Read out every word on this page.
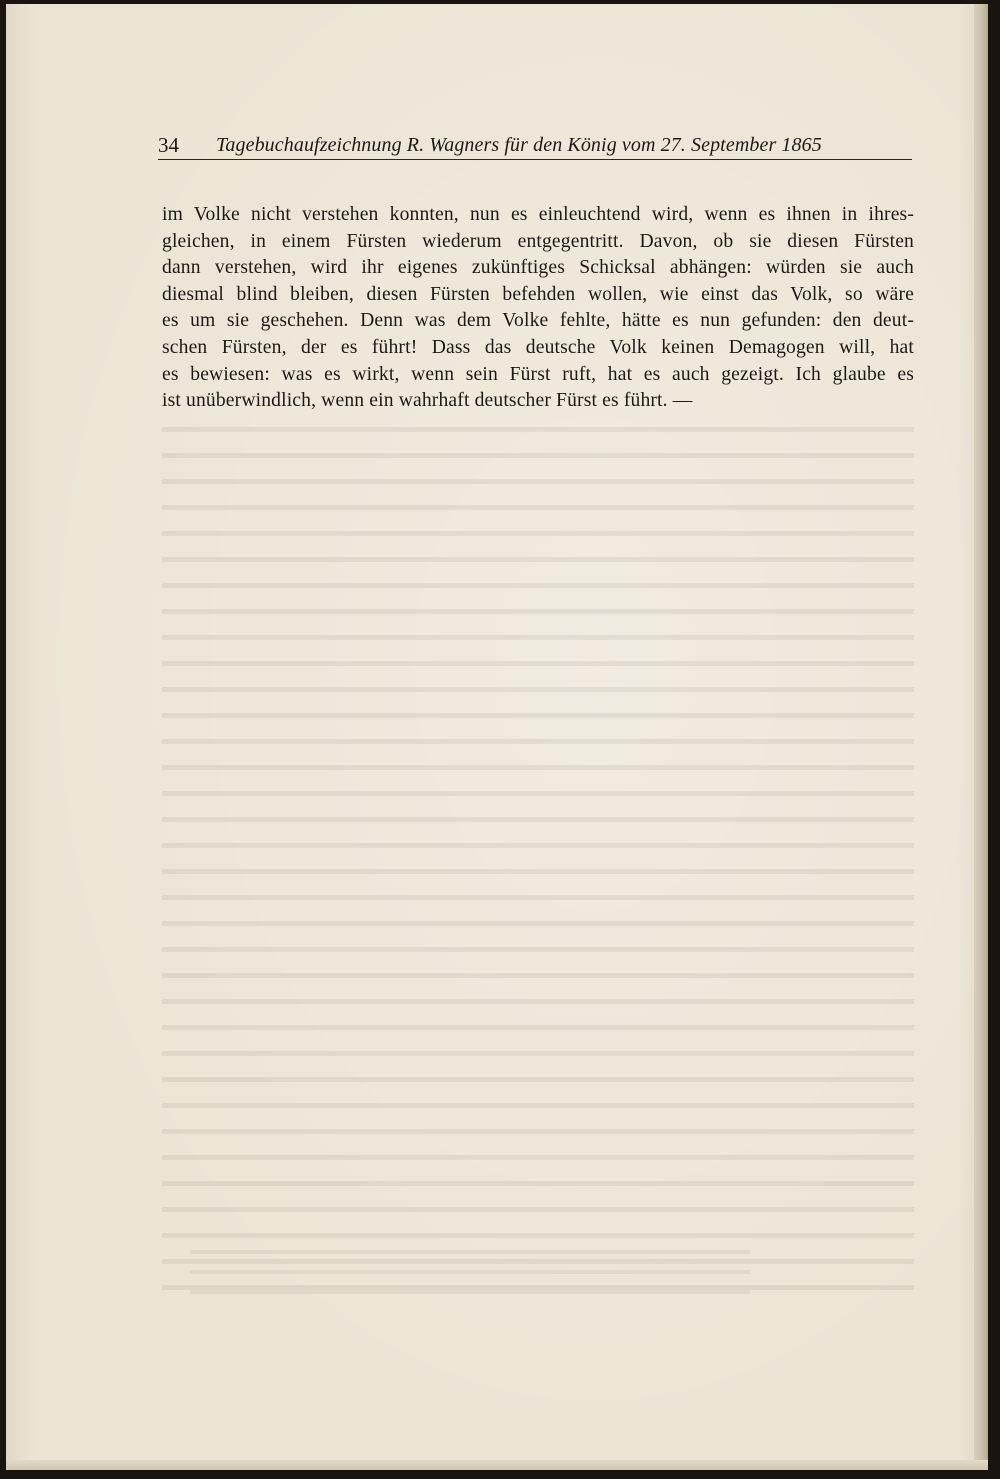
34 Tagebuchaufzeichnung R. Wagners für den König vom 27. September 1865
im Volke nicht verstehen konnten, nun es einleuchtend wird, wenn es ihnen in ihres-
gleichen, in einem Fürsten wiederum entgegentritt. Davon, ob sie diesen Fürsten
dann verstehen, wird ihr eigenes zukünftiges Schicksal abhängen: würden sie auch
diesmal blind bleiben, diesen Fürsten befehden wollen, wie einst das Volk, so wäre
es um sie geschehen. Denn was dem Volke fehlte, hätte es nun gefunden: den deut-
schen Fürsten, der es führt! Dass das deutsche Volk keinen Demagogen will, hat
es bewiesen: was es wirkt, wenn sein Fürst ruft, hat es auch gezeigt. Ich glaube es
ist unüberwindlich, wenn ein wahrhaft deutscher Fürst es führt. —
